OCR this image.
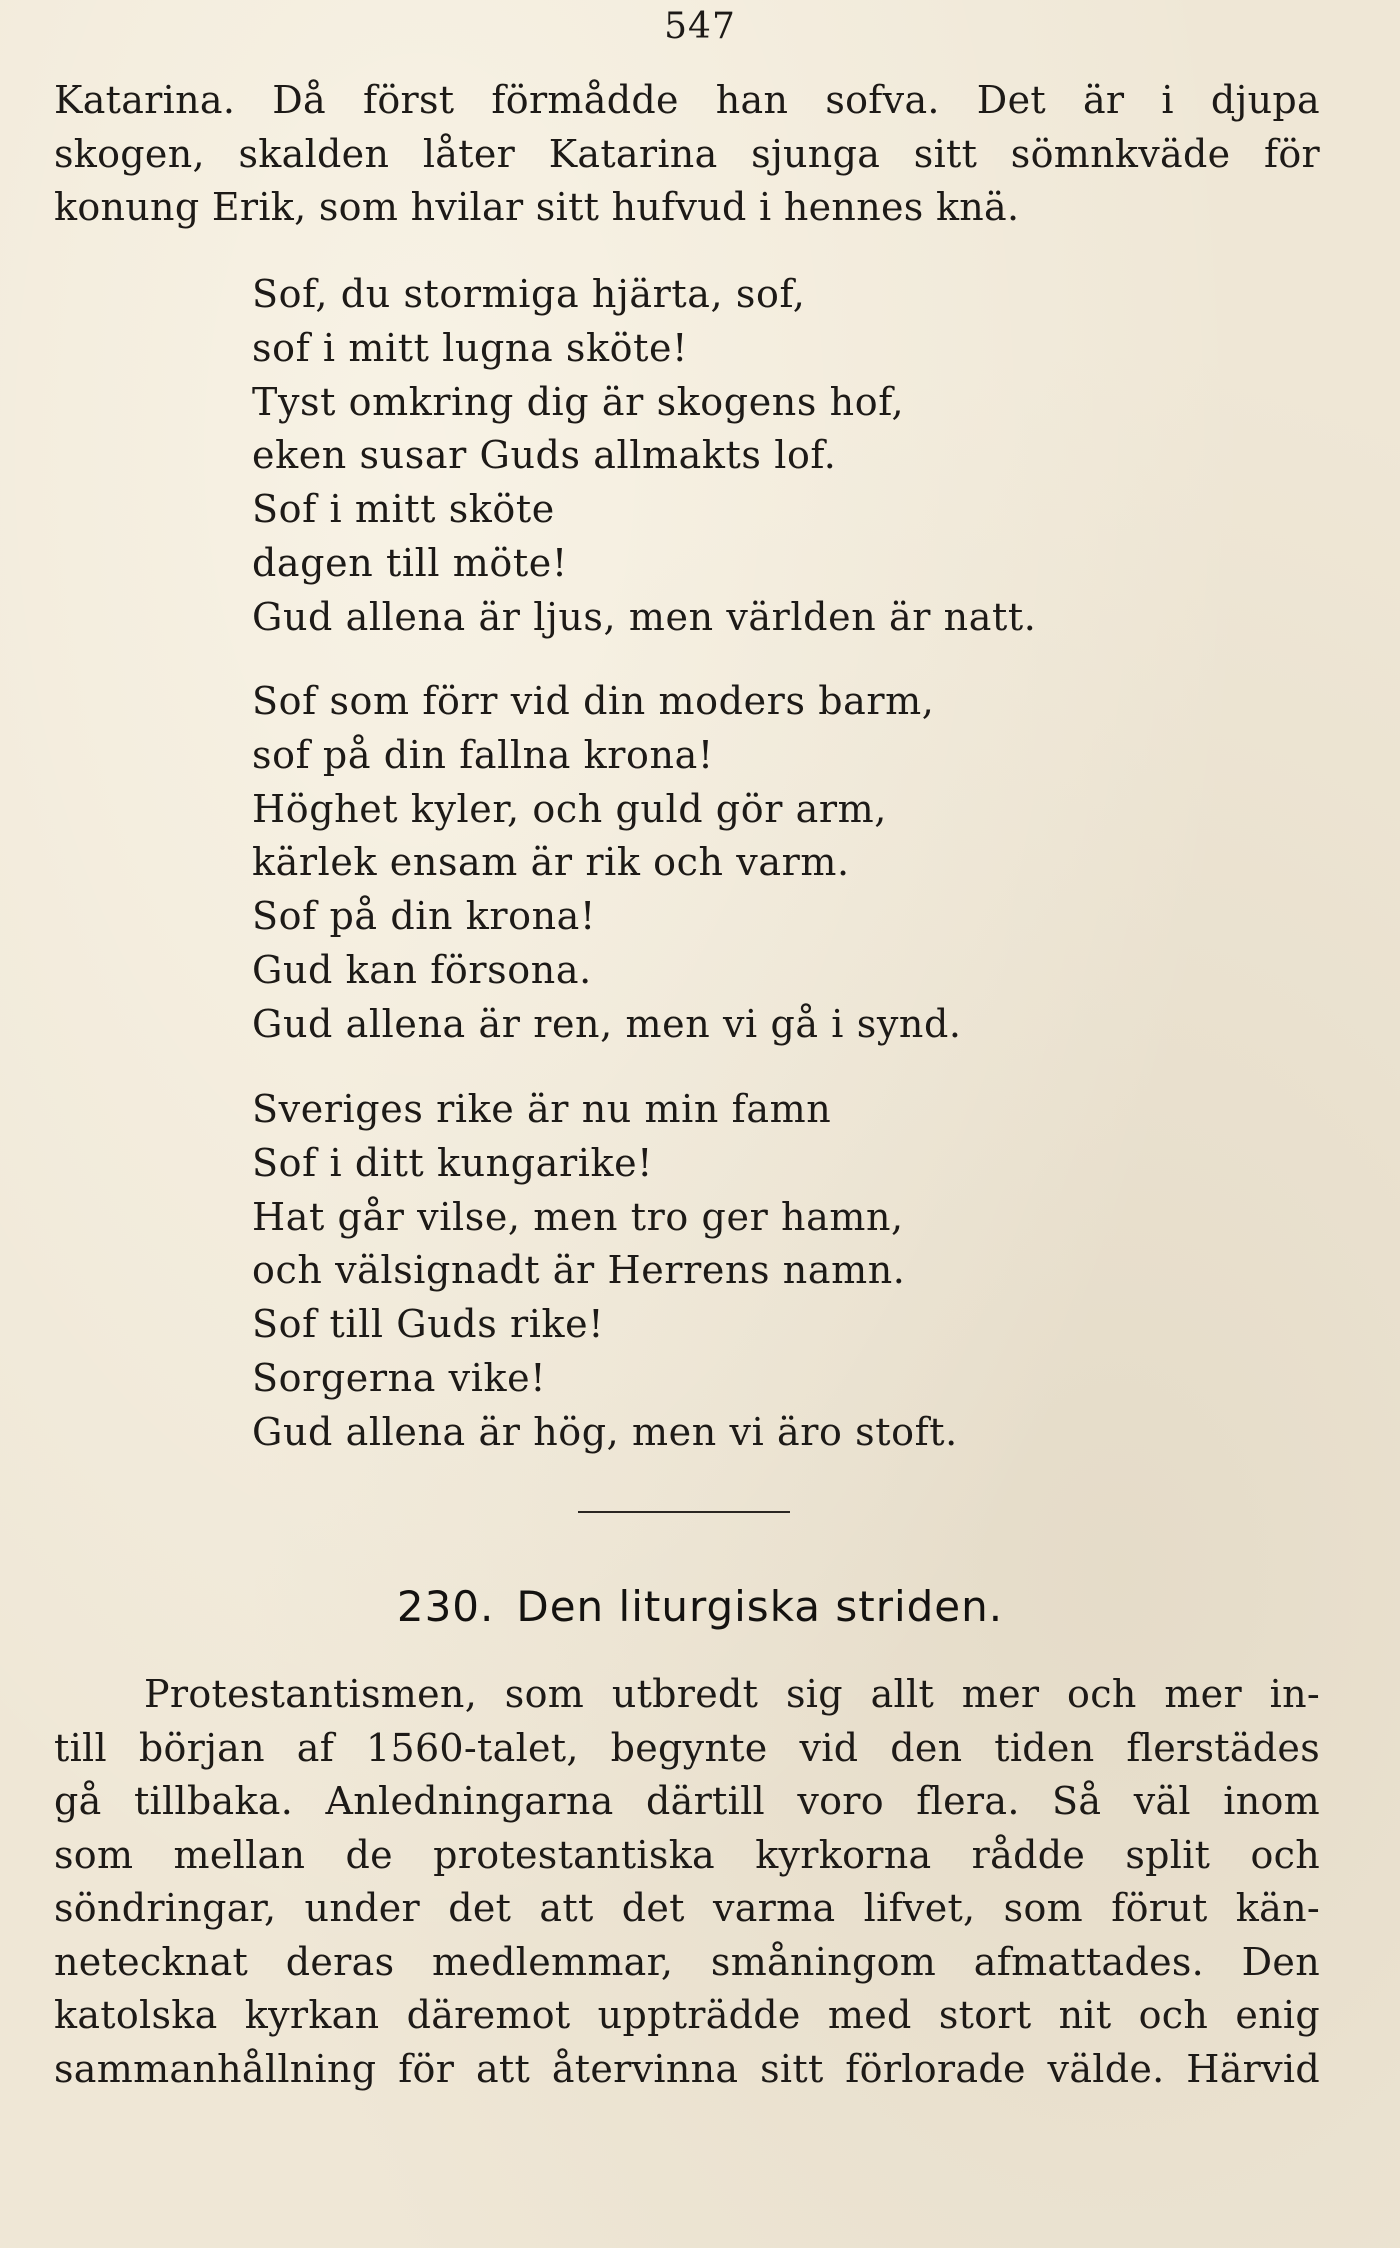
547
Katarina. Då först förmådde han sofva. Det är i djupa
skogen, skalden låter Katarina sjunga sitt sömnkväde för
konung Erik, som hvilar sitt hufvud i hennes knä.
Sof, du stormiga hjärta, sof,
sof i mitt lugna sköte!
Tyst omkring dig är skogens hof,
eken susar Guds allmakts lof.
Sof i mitt sköte
dagen till möte!
Gud allena är ljus, men världen är natt.
Sof som förr vid din moders barm,
sof på din fallna krona!
Höghet kyler, och guld gör arm,
kärlek ensam är rik och varm.
Sof på din krona!
Gud kan försona.
Gud allena är ren, men vi gå i synd.
Sveriges rike är nu min famn
Sof i ditt kungarike!
Hat går vilse, men tro ger hamn,
och välsignadt är Herrens namn.
Sof till Guds rike!
Sorgerna vike!
Gud allena är hög, men vi äro stoft.
230. Den liturgiska striden.
Protestantismen, som utbredt sig allt mer och mer in-
till början af 1560-talet, begynte vid den tiden flerstädes
gå tillbaka. Anledningarna därtill voro flera. Så väl inom
som mellan de protestantiska kyrkorna rådde split och
söndringar, under det att det varma lifvet, som förut kän-
netecknat deras medlemmar, småningom afmattades. Den
katolska kyrkan däremot uppträdde med stort nit och enig
sammanhållning för att återvinna sitt förlorade välde. Härvid
